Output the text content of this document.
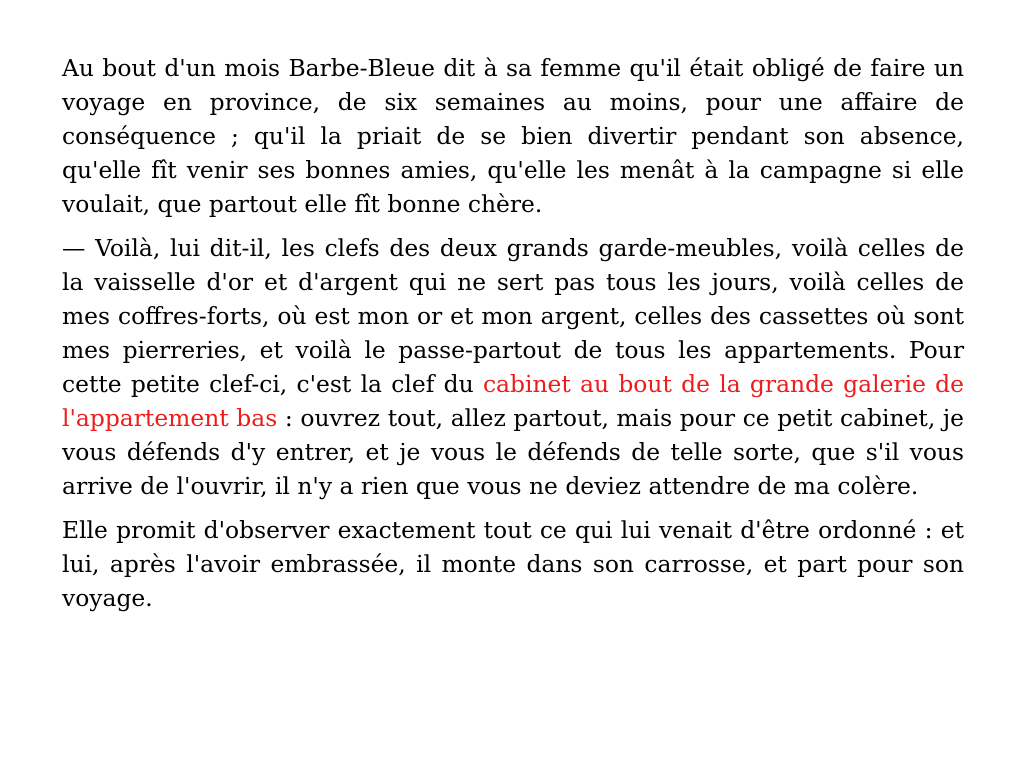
Au bout d'un mois Barbe-Bleue dit à sa femme qu'il était obligé de faire un voyage en province, de six semaines au moins, pour une affaire de conséquence ; qu'il la priait de se bien divertir pendant son absence, qu'elle fît venir ses bonnes amies, qu'elle les menât à la campagne si elle voulait, que partout elle fît bonne chère.

— Voilà, lui dit-il, les clefs des deux grands garde-meubles, voilà celles de la vaisselle d'or et d'argent qui ne sert pas tous les jours, voilà celles de mes coffres-forts, où est mon or et mon argent, celles des cassettes où sont mes pierreries, et voilà le passe-partout de tous les appartements. Pour cette petite clef-ci, c'est la clef du cabinet au bout de la grande galerie de l'appartement bas : ouvrez tout, allez partout, mais pour ce petit cabinet, je vous défends d'y entrer, et je vous le défends de telle sorte, que s'il vous arrive de l'ouvrir, il n'y a rien que vous ne deviez attendre de ma colère.

Elle promit d'observer exactement tout ce qui lui venait d'être ordonné : et lui, après l'avoir embrassée, il monte dans son carrosse, et part pour son voyage.
